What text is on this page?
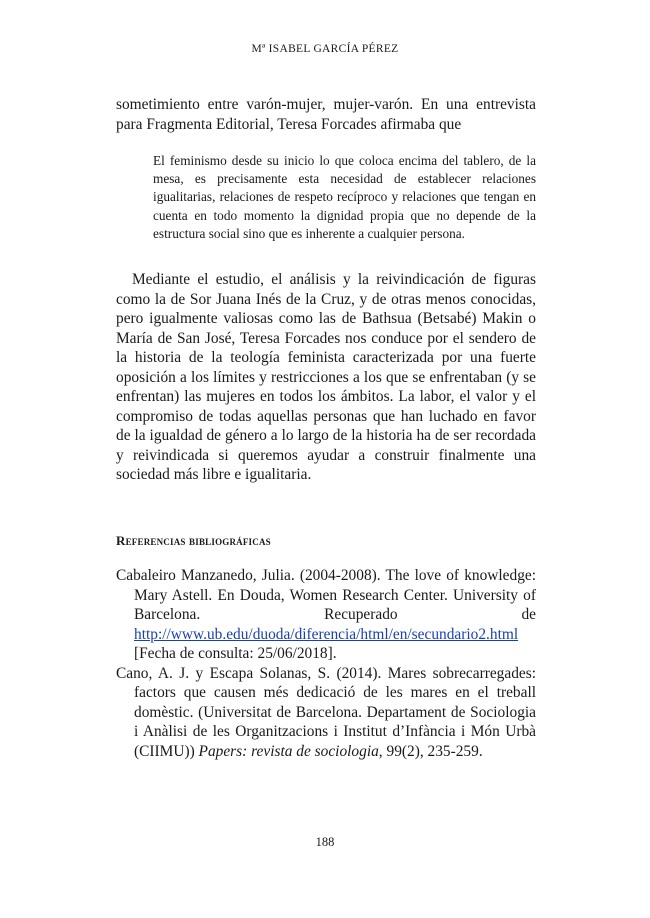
Mª ISABEL GARCÍA PÉREZ

sometimiento entre varón-mujer, mujer-varón. En una entrevista para Fragmenta Editorial, Teresa Forcades afirmaba que

El feminismo desde su inicio lo que coloca encima del tablero, de la mesa, es precisamente esta necesidad de establecer relaciones igualitarias, relaciones de respeto recíproco y relaciones que tengan en cuenta en todo momento la dignidad propia que no depende de la estructura social sino que es inherente a cualquier persona.

Mediante el estudio, el análisis y la reivindicación de figuras como la de Sor Juana Inés de la Cruz, y de otras menos conocidas, pero igualmente valiosas como las de Bathsua (Betsabé) Makin o María de San José, Teresa Forcades nos conduce por el sendero de la historia de la teología feminista caracterizada por una fuerte oposición a los límites y restricciones a los que se enfrentaban (y se enfrentan) las mujeres en todos los ámbitos. La labor, el valor y el compromiso de todas aquellas personas que han luchado en favor de la igualdad de género a lo largo de la historia ha de ser recordada y reivindicada si queremos ayudar a construir finalmente una sociedad más libre e igualitaria.

Referencias bibliográficas

Cabaleiro Manzanedo, Julia. (2004-2008). The love of knowledge: Mary Astell. En Douda, Women Research Center. University of Barcelona. Recuperado de http://www.ub.edu/duoda/diferencia/html/en/secundario2.html [Fecha de consulta: 25/06/2018].

Cano, A. J. y Escapa Solanas, S. (2014). Mares sobrecarregades: factors que causen més dedicació de les mares en el treball domèstic. (Universitat de Barcelona. Departament de Sociologia i Anàlisi de les Organitzacions i Institut d’Infància i Món Urbà (CIIMU)) Papers: revista de sociologia, 99(2), 235-259.

188
